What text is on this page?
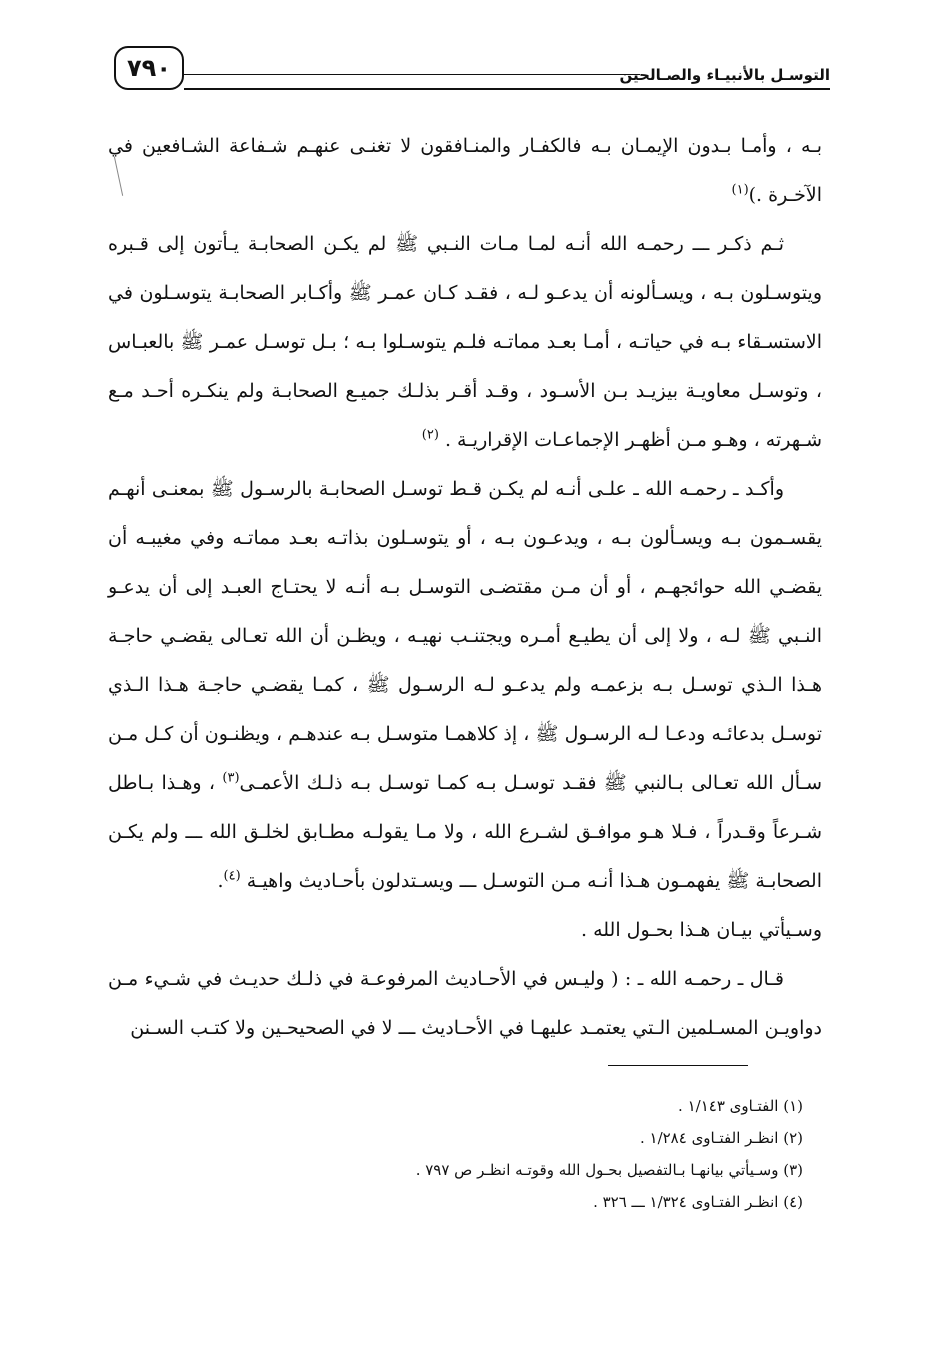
٧٩٠	التوسـل بالأنبيـاء والصـالحين

بـه ، وأمـا بـدون الإيمـان بـه فالكفـار والمنـافقون لا تغنـى عنهـم شـفاعة الشـافعين في الآخـرة .)$^{(١)}$

ثـم ذكـر ـــ رحمـه الله أنـه لمـا مـات النـبي ﷺ لم يكـن الصحابـة يـأتون إلى قـبره ويتوسـلون بـه ، ويسـألونه أن يدعـو لـه ، فقـد كـان عمـر ﷺ وأكـابر الصحابـة يتوسـلون في الاستسـقاء بـه في حياتـه ، أمـا بعـد مماتـه فلـم يتوسـلوا بـه ؛ بـل توسـل عمـر ﷺ بالعبـاس ، وتوسـل معاويـة بيزيـد بـن الأسـود ، وقـد أقـر بذلـك جميـع الصحابـة ولم ينكـره أحـد مـع شـهرته ، وهـو مـن أظهـر الإجماعـات الإقراريـة . $^{(٢)}$

وأكـد ـ رحمـه الله ـ علـى أنـه لم يكـن قـط توسـل الصحابـة بالرسـول ﷺ بمعنـى أنهـم يقسـمون بـه ويسـألون بـه ، ويدعـون بـه ، أو يتوسـلون بذاتـه بعـد مماتـه وفي مغيبـه أن يقضـي الله حوائجهـم ، أو أن مـن مقتضـى التوسـل بـه أنـه لا يحتـاج العبـد إلى أن يدعـو النـبي ﷺ لـه ، ولا إلى أن يطيـع أمـره ويجتنـب نهيـه ، ويظـن أن الله تعـالى يقضـي حاجـة هـذا الـذي توسـل بـه بزعمـه ولم يدعـو لـه الرسـول ﷺ ، كمـا يقضـي حاجـة هـذا الـذي توسـل بدعائـه ودعـا لـه الرسـول ﷺ ، إذ كلاهمـا متوسـل بـه عندهـم ، ويظنـون أن كـل مـن سـأل الله تعـالى بـالنبي ﷺ فقـد توسـل بـه كمـا توسـل بـه ذلـك الأعمـى$^{(٣)}$ ، وهـذا بـاطل شـرعاً وقـدراً ، فـلا هـو موافـق لشـرع الله ، ولا مـا يقولـه مطـابق لخلـق الله ـــ ولم يكـن الصحابـة ﷺ يفهمـون هـذا أنـه مـن التوسـل ـــ ويسـتدلون بأحـاديث واهيـة $^{(٤)}$.

وسـيأتي بيـان هـذا بحـول الله .

قـال ـ رحمـه الله ـ : ( وليـس في الأحـاديث المرفوعـة في ذلـك حديـث في شـيء مـن دواويـن المسـلمين الـتي يعتمـد عليهـا في الأحـاديث ـــ لا في الصحيحـين ولا كتـب السـنن

(١) الفتـاوى ١/١٤٣ .
(٢) انظـر الفتـاوى ١/٢٨٤ .
(٣) وسـيأتي بيانهـا بـالتفصيل بحـول الله وقوتـه انظـر ص ٧٩٧ .
(٤) انظـر الفتـاوى ١/٣٢٤ ـــ ٣٢٦ .
